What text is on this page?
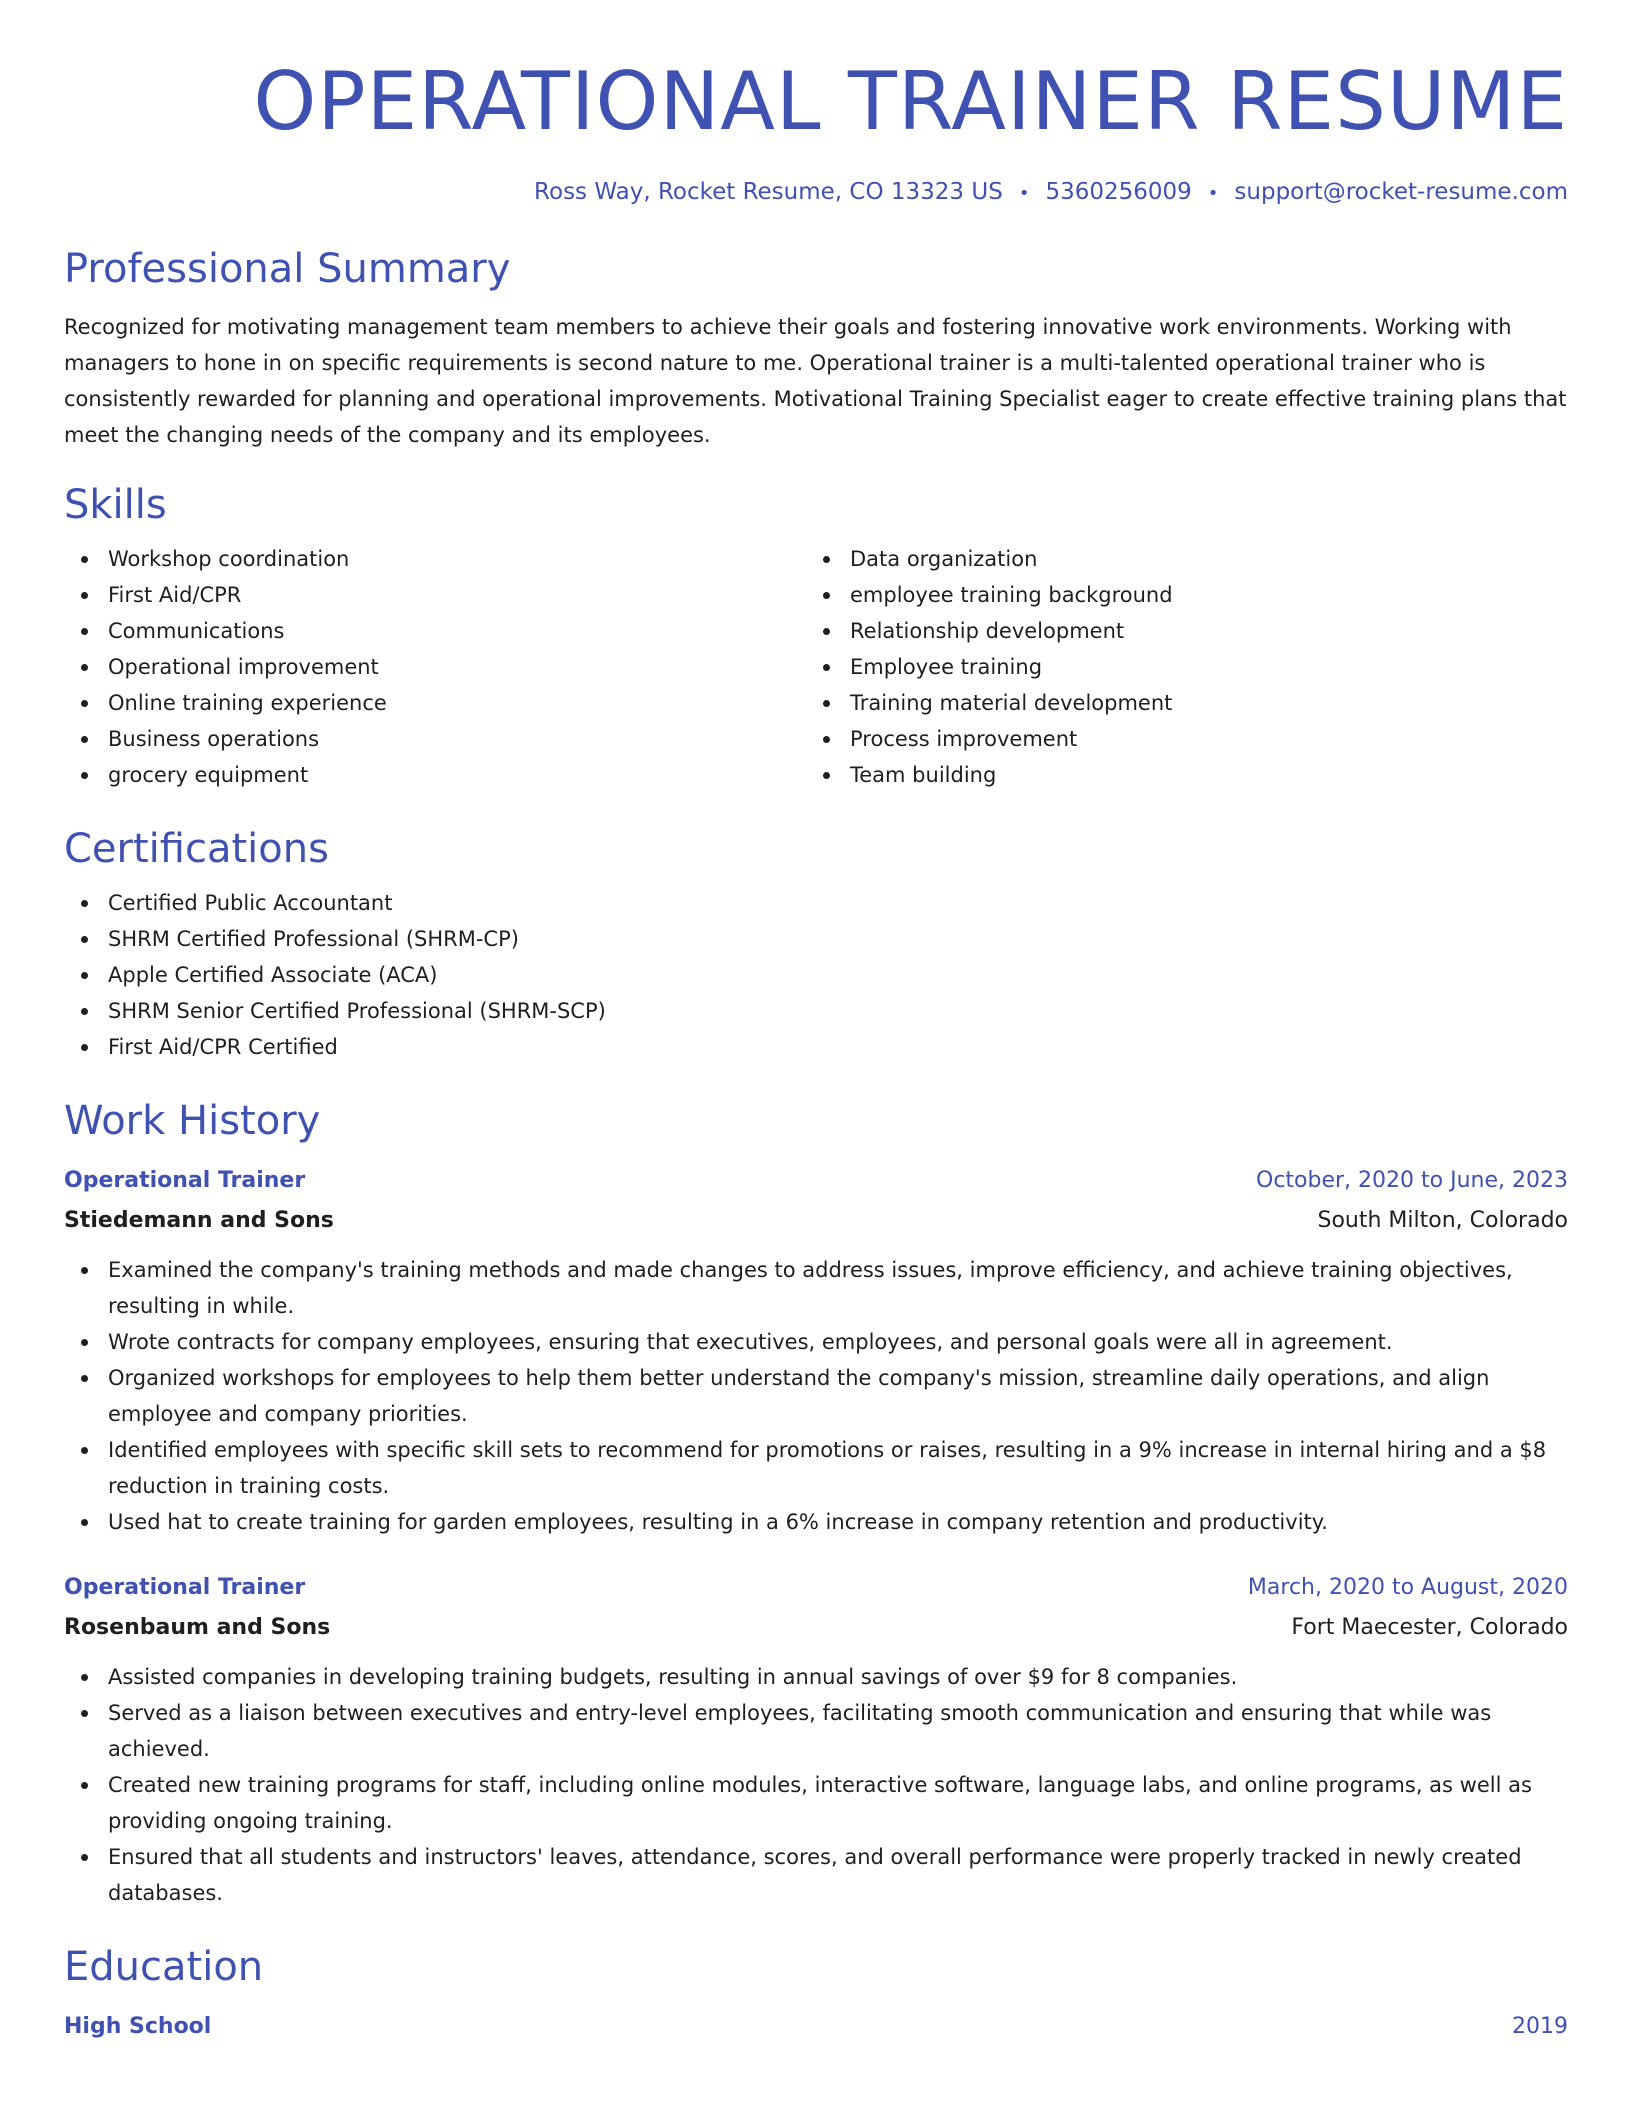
OPERATIONAL TRAINER RESUME
Ross Way, Rocket Resume, CO 13323 US • 5360256009 • support@rocket-resume.com
Professional Summary

Recognized for motivating management team members to achieve their goals and fostering innovative work environments. Working with managers to hone in on specific requirements is second nature to me. Operational trainer is a multi-talented operational trainer who is consistently rewarded for planning and operational improvements. Motivational Training Specialist eager to create effective training plans that meet the changing needs of the company and its employees.

Skills
Workshop coordination
First Aid/CPR
Communications
Operational improvement
Online training experience
Business operations
grocery equipment
Data organization
employee training background
Relationship development
Employee training
Training material development
Process improvement
Team building
Certifications
Certified Public Accountant
SHRM Certified Professional (SHRM-CP)
Apple Certified Associate (ACA)
SHRM Senior Certified Professional (SHRM-SCP)
First Aid/CPR Certified
Work History
Operational Trainer	October, 2020 to June, 2023
Stiedemann and Sons	South Milton, Colorado
Examined the company's training methods and made changes to address issues, improve efficiency, and achieve training objectives, resulting in while.
Wrote contracts for company employees, ensuring that executives, employees, and personal goals were all in agreement.
Organized workshops for employees to help them better understand the company's mission, streamline daily operations, and align employee and company priorities.
Identified employees with specific skill sets to recommend for promotions or raises, resulting in a 9% increase in internal hiring and a $8 reduction in training costs.
Used hat to create training for garden employees, resulting in a 6% increase in company retention and productivity.
Operational Trainer	March, 2020 to August, 2020
Rosenbaum and Sons	Fort Maecester, Colorado
Assisted companies in developing training budgets, resulting in annual savings of over $9 for 8 companies.
Served as a liaison between executives and entry-level employees, facilitating smooth communication and ensuring that while was achieved.
Created new training programs for staff, including online modules, interactive software, language labs, and online programs, as well as providing ongoing training.
Ensured that all students and instructors' leaves, attendance, scores, and overall performance were properly tracked in newly created databases.
Education
High School	2019
